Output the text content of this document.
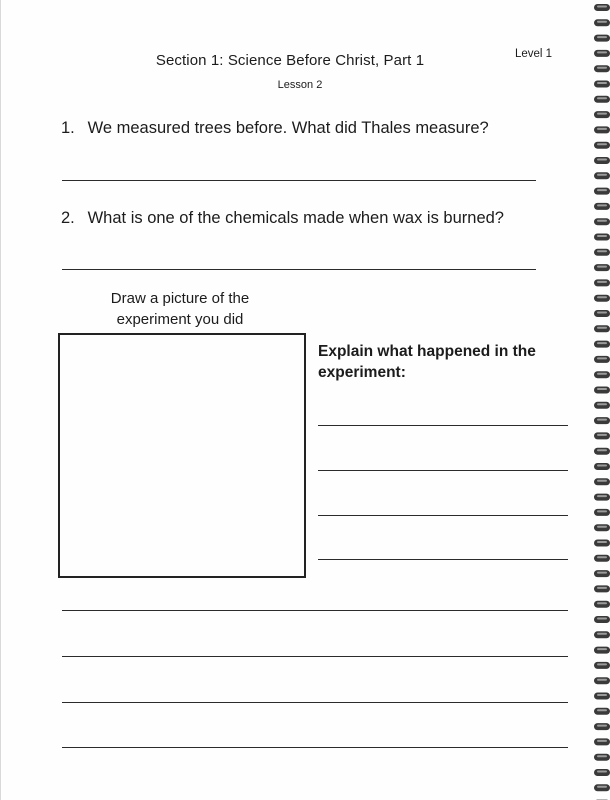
Section 1: Science Before Christ, Part 1	Level 1
Lesson 2
1. We measured trees before. What did Thales measure?
2. What is one of the chemicals made when wax is burned?
Draw a picture of the
experiment you did
Explain what happened in the
experiment:
